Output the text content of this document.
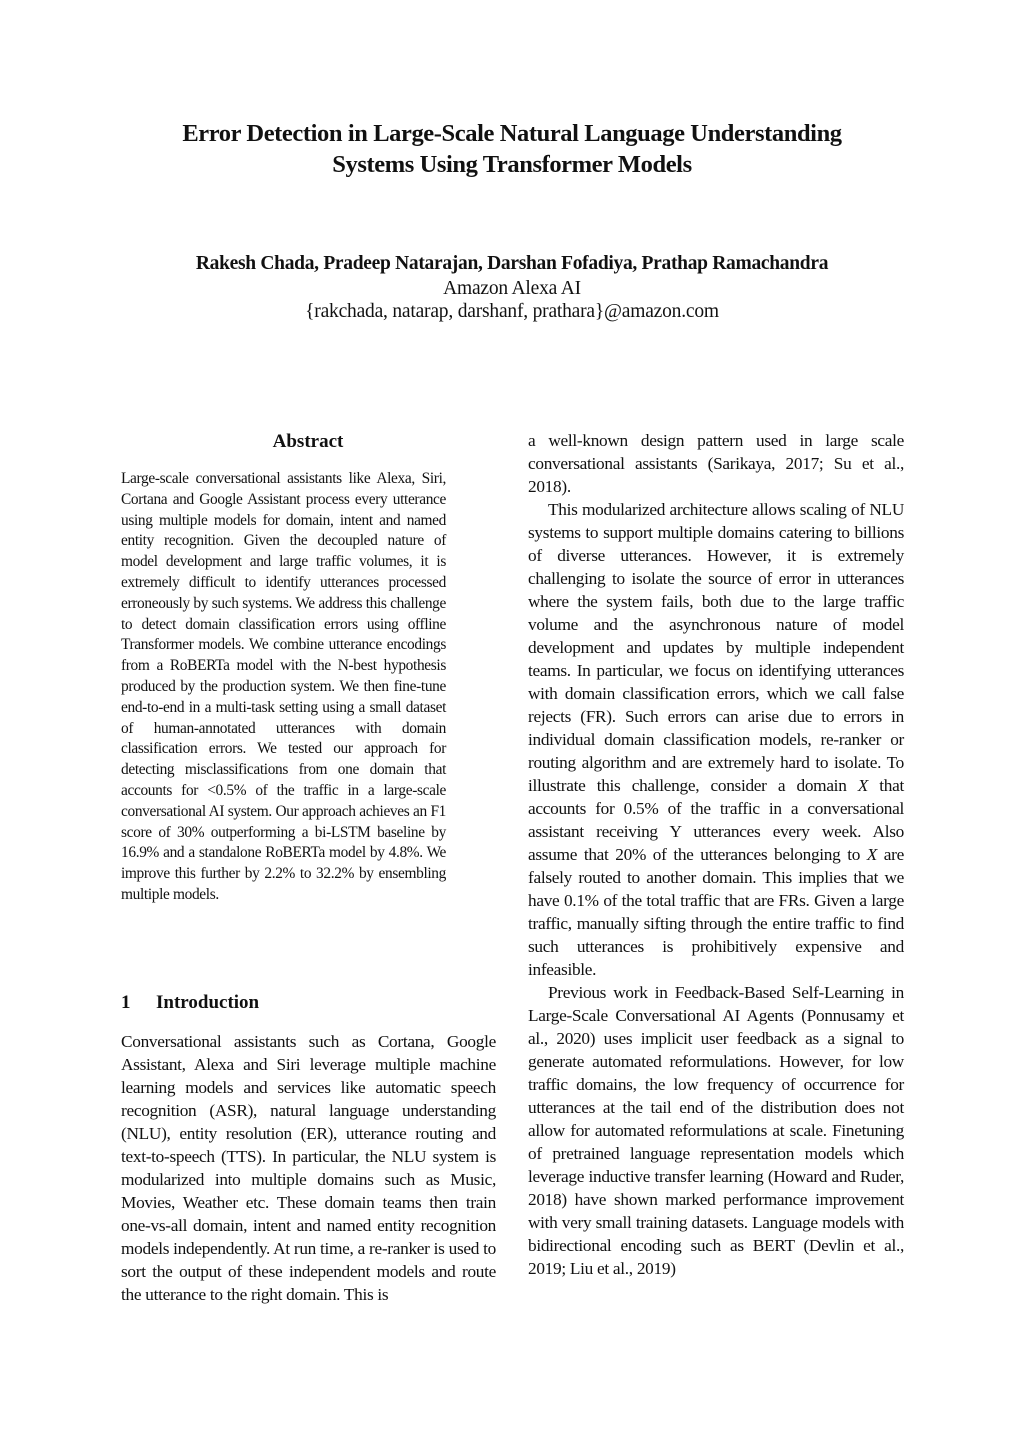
Error Detection in Large-Scale Natural Language Understanding
Systems Using Transformer Models
Rakesh Chada, Pradeep Natarajan, Darshan Fofadiya, Prathap Ramachandra
Amazon Alexa AI
{rakchada, natarap, darshanf, prathara}@amazon.com
Abstract

Large-scale conversational assistants like Alexa, Siri, Cortana and Google Assistant process every utterance using multiple models for domain, intent and named entity recognition. Given the decoupled nature of model development and large traffic volumes, it is extremely difficult to identify utterances processed erroneously by such systems. We address this challenge to detect domain classification errors using offline Transformer models. We combine utterance encodings from a RoBERTa model with the N-best hypothesis produced by the production system. We then fine-tune end-to-end in a multi-task setting using a small dataset of human-annotated utterances with domain classification errors. We tested our approach for detecting misclassifications from one domain that accounts for <0.5% of the traffic in a large-scale conversational AI system. Our approach achieves an F1 score of 30% outperforming a bi-LSTM baseline by 16.9% and a standalone RoBERTa model by 4.8%. We improve this further by 2.2% to 32.2% by ensembling multiple models.

1 Introduction

Conversational assistants such as Cortana, Google Assistant, Alexa and Siri leverage multiple machine learning models and services like automatic speech recognition (ASR), natural language understanding (NLU), entity resolution (ER), utterance routing and text-to-speech (TTS). In particular, the NLU system is modularized into multiple domains such as Music, Movies, Weather etc. These domain teams then train one-vs-all domain, intent and named entity recognition models independently. At run time, a re-ranker is used to sort the output of these independent models and route the utterance to the right domain. This is

a well-known design pattern used in large scale conversational assistants (Sarikaya, 2017; Su et al., 2018).

This modularized architecture allows scaling of NLU systems to support multiple domains catering to billions of diverse utterances. However, it is extremely challenging to isolate the source of error in utterances where the system fails, both due to the large traffic volume and the asynchronous nature of model development and updates by multiple independent teams. In particular, we focus on identifying utterances with domain classification errors, which we call false rejects (FR). Such errors can arise due to errors in individual domain classification models, re-ranker or routing algorithm and are extremely hard to isolate. To illustrate this challenge, consider a domain X that accounts for 0.5% of the traffic in a conversational assistant receiving Y utterances every week. Also assume that 20% of the utterances belonging to X are falsely routed to another domain. This implies that we have 0.1% of the total traffic that are FRs. Given a large traffic, manually sifting through the entire traffic to find such utterances is prohibitively expensive and infeasible.

Previous work in Feedback-Based Self-Learning in Large-Scale Conversational AI Agents (Ponnusamy et al., 2020) uses implicit user feedback as a signal to generate automated reformulations. However, for low traffic domains, the low frequency of occurrence for utterances at the tail end of the distribution does not allow for automated reformulations at scale. Finetuning of pretrained language representation models which leverage inductive transfer learning (Howard and Ruder, 2018) have shown marked performance improvement with very small training datasets. Language models with bidirectional encoding such as BERT (Devlin et al., 2019; Liu et al., 2019)
